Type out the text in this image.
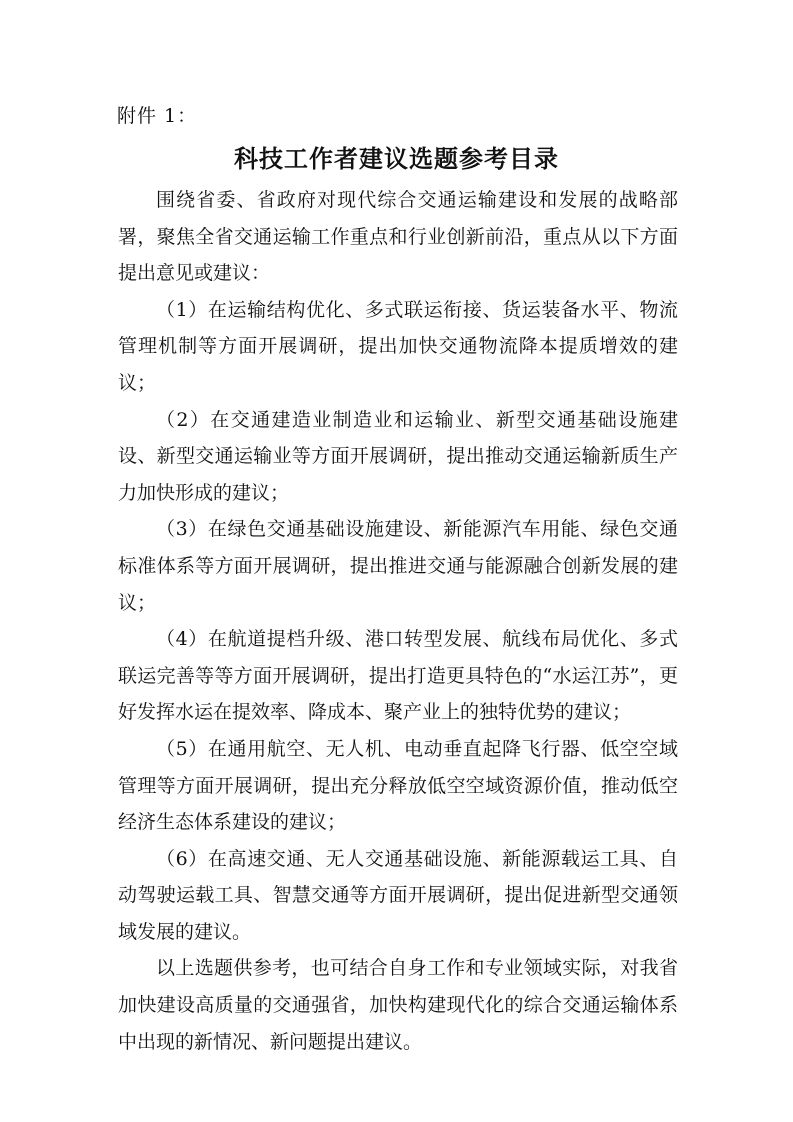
附件 1：
科技工作者建议选题参考目录

围绕省委、省政府对现代综合交通运输建设和发展的战略部署，聚焦全省交通运输工作重点和行业创新前沿，重点从以下方面提出意见或建议：

（1）在运输结构优化、多式联运衔接、货运装备水平、物流管理机制等方面开展调研，提出加快交通物流降本提质增效的建议；

（2）在交通建造业制造业和运输业、新型交通基础设施建设、新型交通运输业等方面开展调研，提出推动交通运输新质生产力加快形成的建议；

（3）在绿色交通基础设施建设、新能源汽车用能、绿色交通标准体系等方面开展调研，提出推进交通与能源融合创新发展的建议；

（4）在航道提档升级、港口转型发展、航线布局优化、多式联运完善等等方面开展调研，提出打造更具特色的“水运江苏”，更好发挥水运在提效率、降成本、聚产业上的独特优势的建议；

（5）在通用航空、无人机、电动垂直起降飞行器、低空空域管理等方面开展调研，提出充分释放低空空域资源价值，推动低空经济生态体系建设的建议；

（6）在高速交通、无人交通基础设施、新能源载运工具、自动驾驶运载工具、智慧交通等方面开展调研，提出促进新型交通领域发展的建议。

以上选题供参考，也可结合自身工作和专业领域实际，对我省加快建设高质量的交通强省，加快构建现代化的综合交通运输体系中出现的新情况、新问题提出建议。
